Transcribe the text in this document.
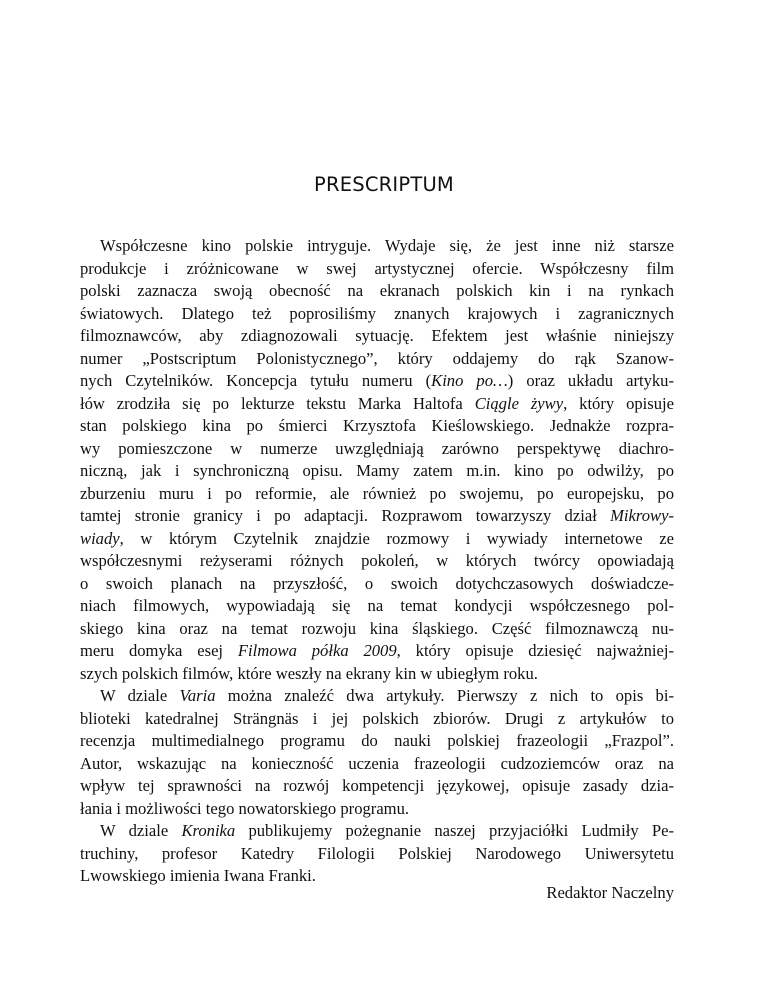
PRESCRIPTUM
Współczesne kino polskie intryguje. Wydaje się, że jest inne niż starsze
produkcje i zróżnicowane w swej artystycznej ofercie. Współczesny film
polski zaznacza swoją obecność na ekranach polskich kin i na rynkach
światowych. Dlatego też poprosiliśmy znanych krajowych i zagranicznych
filmoznawców, aby zdiagnozowali sytuację. Efektem jest właśnie niniejszy
numer „Postscriptum Polonistycznego”, który oddajemy do rąk Szanow-
nych Czytelników. Koncepcja tytułu numeru (Kino po…) oraz układu artyku-
łów zrodziła się po lekturze tekstu Marka Haltofa Ciągle żywy, który opisuje
stan polskiego kina po śmierci Krzysztofa Kieślowskiego. Jednakże rozpra-
wy pomieszczone w numerze uwzględniają zarówno perspektywę diachro-
niczną, jak i synchroniczną opisu. Mamy zatem m.in. kino po odwilży, po
zburzeniu muru i po reformie, ale również po swojemu, po europejsku, po
tamtej stronie granicy i po adaptacji. Rozprawom towarzyszy dział Mikrowy-
wiady, w którym Czytelnik znajdzie rozmowy i wywiady internetowe ze
współczesnymi reżyserami różnych pokoleń, w których twórcy opowiadają
o swoich planach na przyszłość, o swoich dotychczasowych doświadcze-
niach filmowych, wypowiadają się na temat kondycji współczesnego pol-
skiego kina oraz na temat rozwoju kina śląskiego. Część filmoznawczą nu-
meru domyka esej Filmowa półka 2009, który opisuje dziesięć najważniej-
szych polskich filmów, które weszły na ekrany kin w ubiegłym roku.
W dziale Varia można znaleźć dwa artykuły. Pierwszy z nich to opis bi-
blioteki katedralnej Strängnäs i jej polskich zbiorów. Drugi z artykułów to
recenzja multimedialnego programu do nauki polskiej frazeologii „Frazpol”.
Autor, wskazując na konieczność uczenia frazeologii cudzoziemców oraz na
wpływ tej sprawności na rozwój kompetencji językowej, opisuje zasady dzia-
łania i możliwości tego nowatorskiego programu.
W dziale Kronika publikujemy pożegnanie naszej przyjaciółki Ludmiły Pe-
truchiny, profesor Katedry Filologii Polskiej Narodowego Uniwersytetu
Lwowskiego imienia Iwana Franki.
Redaktor Naczelny
